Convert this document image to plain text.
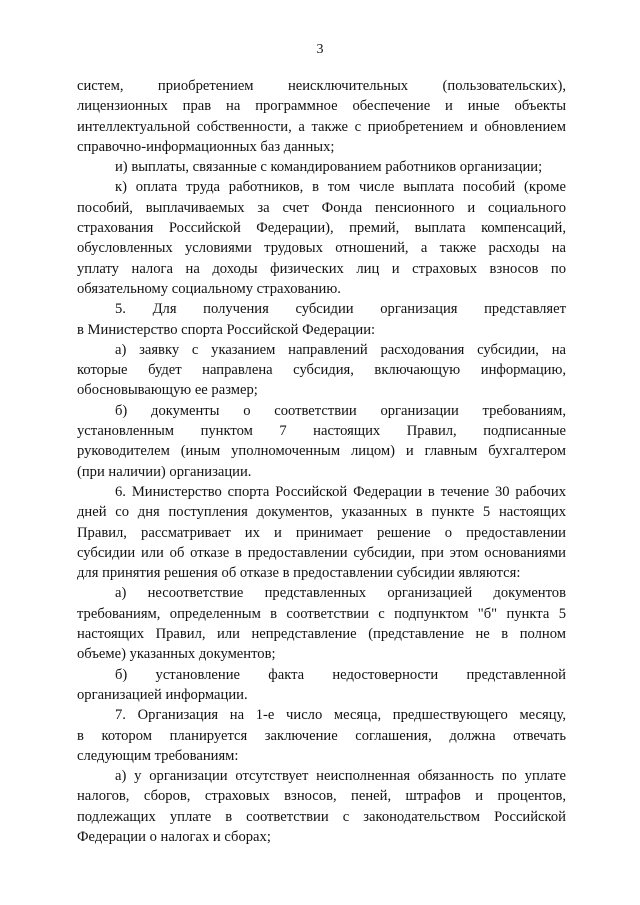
3
систем, приобретением неисключительных (пользовательских),
лицензионных прав на программное обеспечение и иные объекты
интеллектуальной собственности, а также с приобретением и обновлением
справочно-информационных баз данных;
и) выплаты, связанные с командированием работников организации;
к) оплата труда работников, в том числе выплата пособий (кроме
пособий, выплачиваемых за счет Фонда пенсионного и социального
страхования Российской Федерации), премий, выплата компенсаций,
обусловленных условиями трудовых отношений, а также расходы на
уплату налога на доходы физических лиц и страховых взносов по
обязательному социальному страхованию.
5. Для получения субсидии организация представляет
в Министерство спорта Российской Федерации:
а) заявку с указанием направлений расходования субсидии, на
которые будет направлена субсидия, включающую информацию,
обосновывающую ее размер;
б) документы о соответствии организации требованиям,
установленным пунктом 7 настоящих Правил, подписанные
руководителем (иным уполномоченным лицом) и главным бухгалтером
(при наличии) организации.
6. Министерство спорта Российской Федерации в течение 30 рабочих
дней со дня поступления документов, указанных в пункте 5 настоящих
Правил, рассматривает их и принимает решение о предоставлении
субсидии или об отказе в предоставлении субсидии, при этом основаниями
для принятия решения об отказе в предоставлении субсидии являются:
а) несоответствие представленных организацией документов
требованиям, определенным в соответствии с подпунктом "б" пункта 5
настоящих Правил, или непредставление (представление не в полном
объеме) указанных документов;
б) установление факта недостоверности представленной
организацией информации.
7. Организация на 1-е число месяца, предшествующего месяцу,
в котором планируется заключение соглашения, должна отвечать
следующим требованиям:
а) у организации отсутствует неисполненная обязанность по уплате
налогов, сборов, страховых взносов, пеней, штрафов и процентов,
подлежащих уплате в соответствии с законодательством Российской
Федерации о налогах и сборах;
